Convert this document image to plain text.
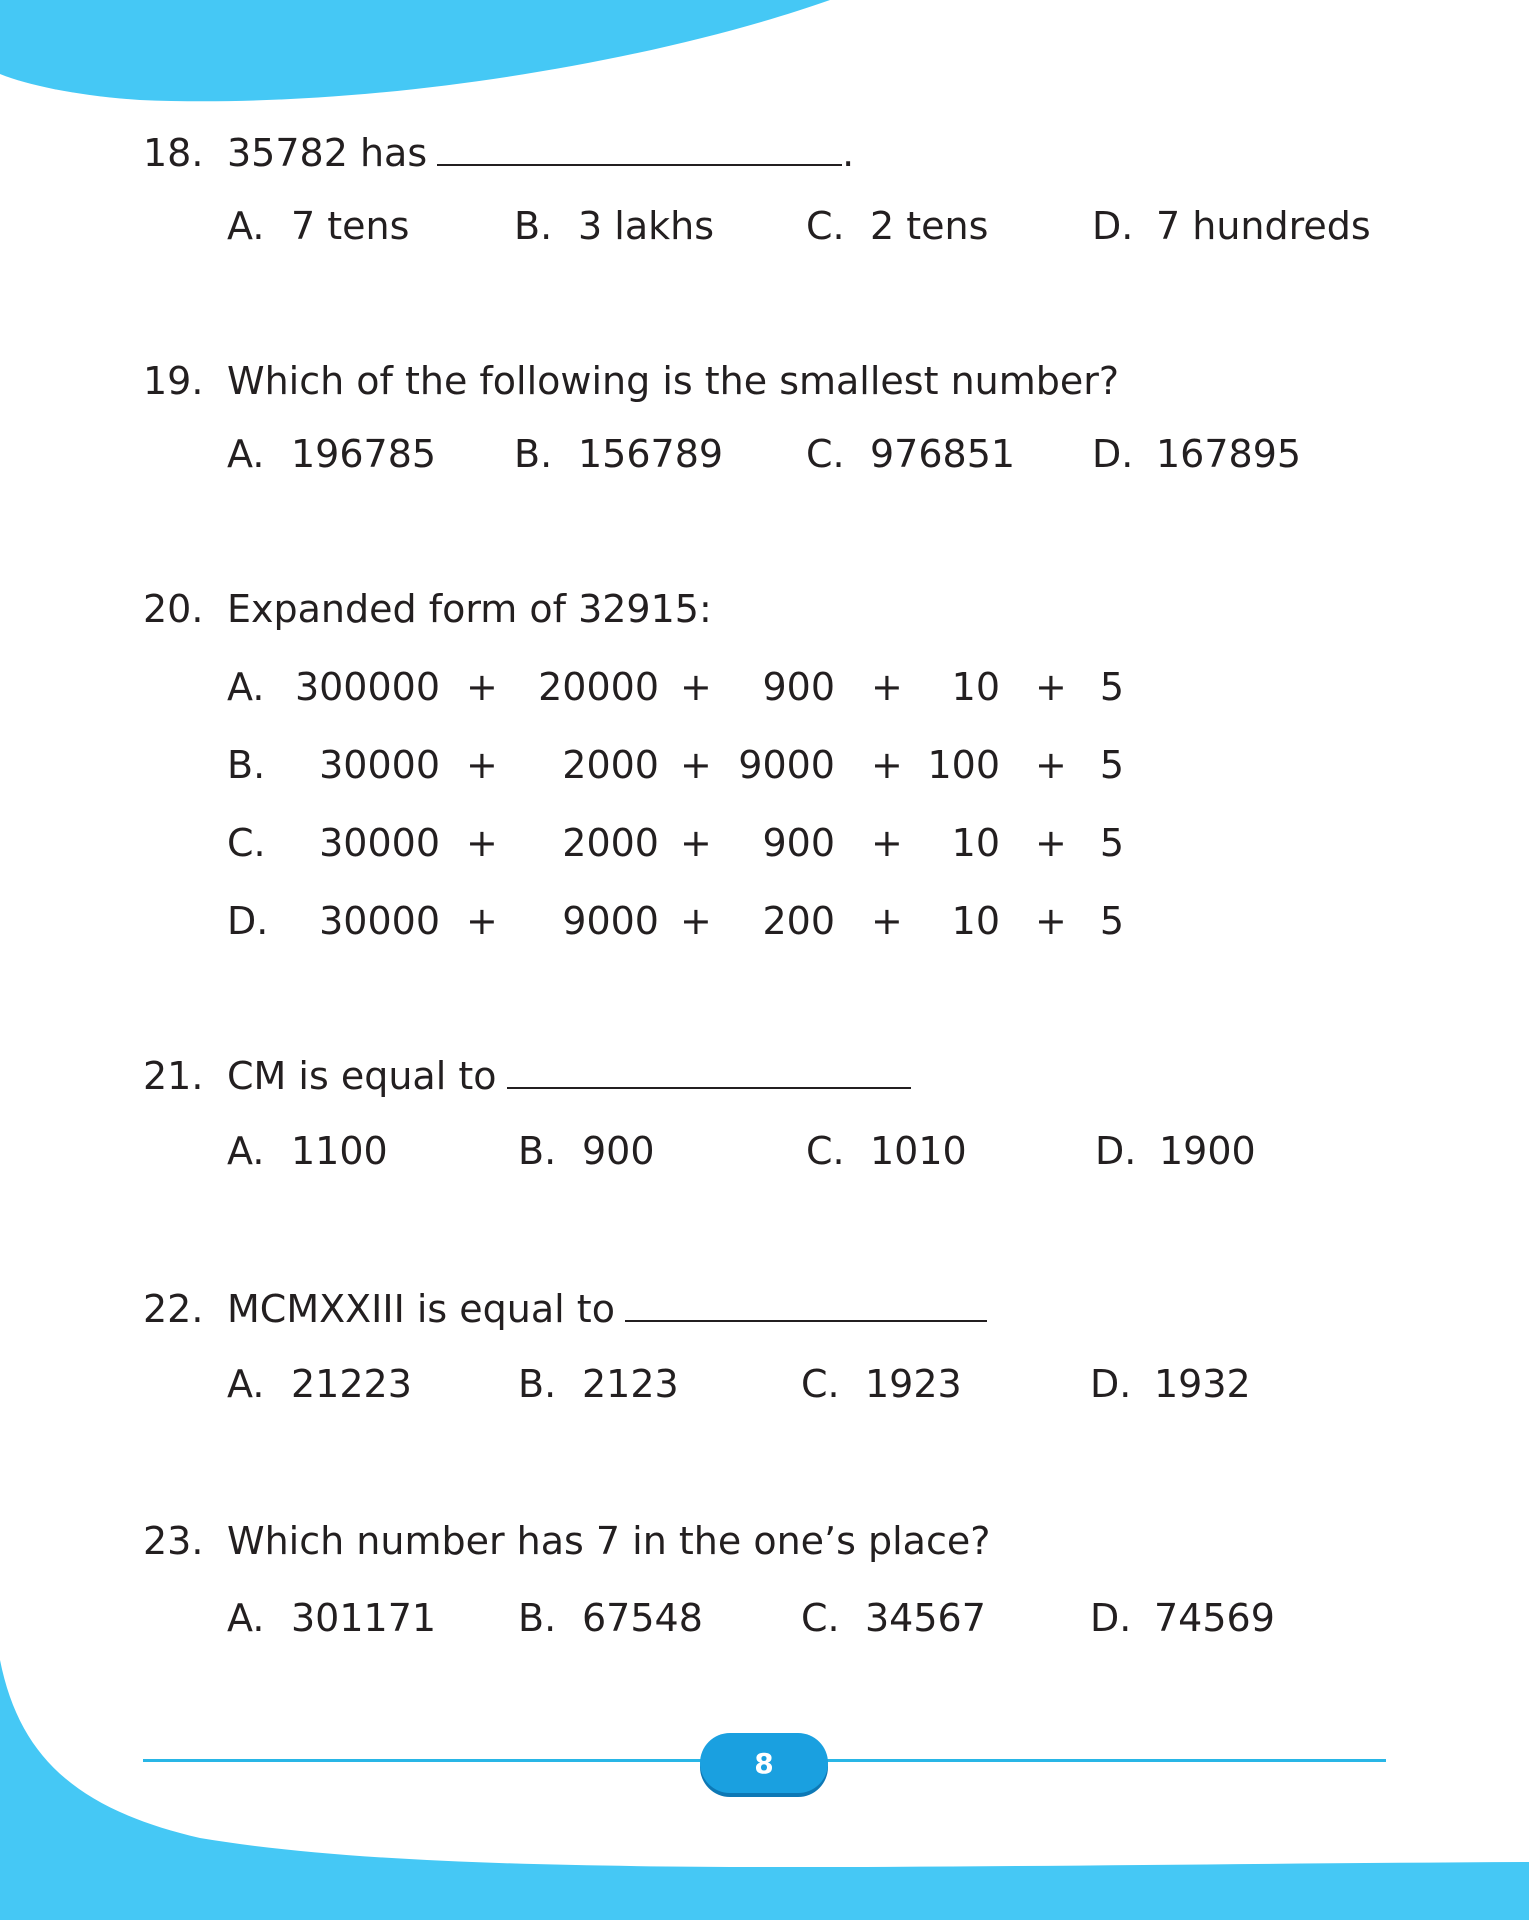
18. 35782 has	.
A. 7 tens	B. 3 lakhs C. 2 tens	D. 7 hundreds
19. Which of the following is the smallest number?
A. 196785 B. 156789 C. 976851 D. 167895
20. Expanded form of 32915:
A. 300000 + 20000 + 900 + 10 + 5
B. 30000 + 2000 + 9000 + 100 + 5
C. 30000 + 2000 + 900 + 10 + 5
D. 30000 + 9000 + 200 + 10 + 5
21. CM is equal to
A. 1100	B. 900	C. 1010	D. 1900
22. MCMXXIII is equal to
A. 21223	B. 2123	C. 1923	D. 1932
23. Which number has 7 in the one’s place?
A. 301171 B. 67548	C. 34567	D. 74569
8
